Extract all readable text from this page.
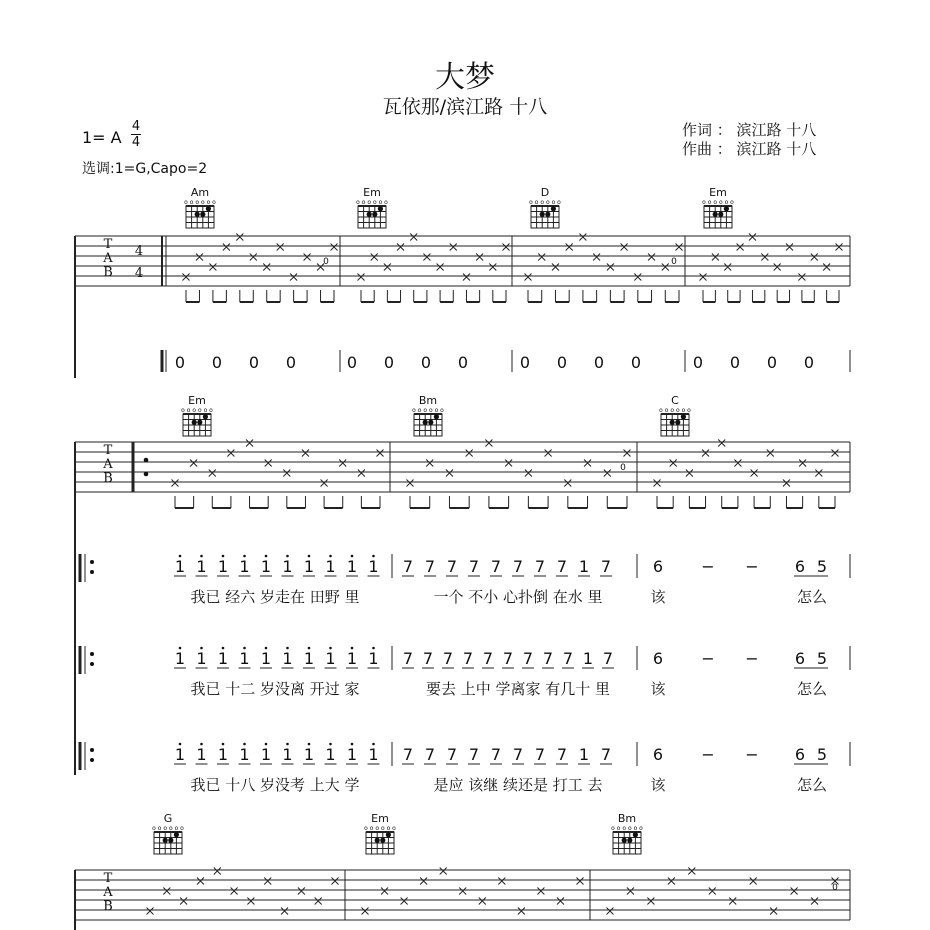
大梦
瓦依那/滨江路 十八
作词 ： 滨江路 十八
作曲 ： 滨江路 十八
1= A
4
4
选调:1=G,Capo=2
T
A
B
4
4
Am
o o o o o o
Em
o o o o o o
D
o o o o o o
Em
o o o o o o
0	0
0 0 0 0	0 0 0 0	0 0 0 0	0 0 0 0
T
A
B
Em
o o o o o o
Bm
o o o o o o
C
o o o o o o
0
1 1 1 1 1 1 1 1 1 1 7 7 7 7 7 7 7 7 1 7	6 − − 6 5
我已 经六 岁走在 田野 里	一个 不小 心扑倒 在水 里	该	怎么
1 1 1 1 1 1 1 1 1 1 7 7 7 7 7 7 7 7 7 1 7 6 − − 6 5
我已 十二 岁没离 开过 家	要去 上中 学离家 有几十 里	该	怎么
1 1 1 1 1 1 1 1 1 1 7 7 7 7 7 7 7 7 1 7	6 − − 6 5
我已 十八 岁没考 上大 学	是应 该继 续还是 打工 去	该	怎么
T
A
B
G
o o o o o o
Em
o o o o o o
Bm
o o o o o o
0
